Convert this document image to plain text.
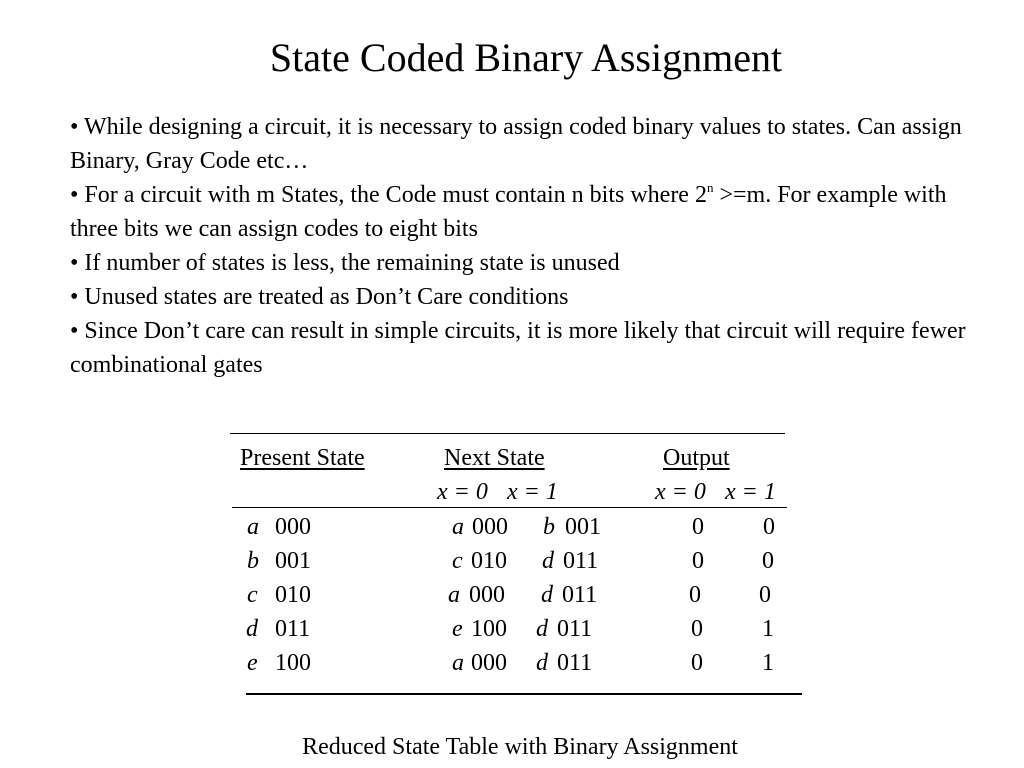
State Coded Binary Assignment

• While designing a circuit, it is necessary to assign coded binary values to states. Can assign Binary, Gray Code etc…

• For a circuit with m States, the Code must contain n bits where $2^n >=m$. For example with three bits we can assign codes to eight bits

• If number of states is less, the remaining state is unused

• Unused states are treated as Don’t Care conditions

• Since Don’t care can result in simple circuits, it is more likely that circuit will require fewer combinational gates

Present State	Next State	Output
x = 0 x = 1	x = 0 x = 1
a 000	a 000 b 001	0 0
b 001	c 010 d 011	0 0
c 010	a 000 d 011	0 0
d 011	e 100 d 011	0 1
e 100	a 000 d 011	0 1
Reduced State Table with Binary Assignment
